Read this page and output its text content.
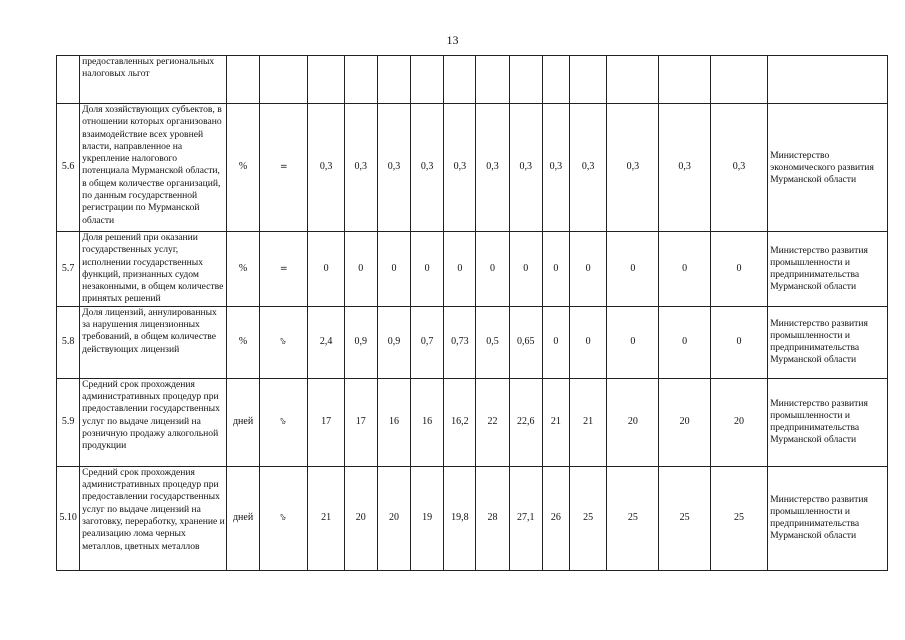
13
	предоставленных региональных налоговых льгот															
5.6	Доля хозяйствующих субъектов, в отношении которых организовано взаимодействие всех уровней власти, направленное на укрепление налогового потенциала Мурманской области, в общем количестве организаций, по данным государственной регистрации по Мурманской области	%	=	0,3	0,3	0,3	0,3	0,3	0,3	0,3	0,3	0,3	0,3	0,3	0,3	Министерство экономического развития Мурманской области
5.7	Доля решений при оказании государственных услуг, исполнении государственных функций, признанных судом незаконными, в общем количестве принятых решений	%	=	0	0	0	0	0	0	0	0	0	0	0	0	Министерство развития промышленности и предпринимательства Мурманской области
5.8	Доля лицензий, аннулированных за нарушения лицензионных требований, в общем количестве действующих лицензий	%	⇩	2,4	0,9	0,9	0,7	0,73	0,5	0,65	0	0	0	0	0	Министерство развития промышленности и предпринимательства Мурманской области
5.9	Средний срок прохождения административных процедур при предоставлении государственных услуг по выдаче лицензий на розничную продажу алкогольной продукции	дней	⇩	17	17	16	16	16,2	22	22,6	21	21	20	20	20	Министерство развития промышленности и предпринимательства Мурманской области
5.10	Средний срок прохождения административных процедур при предоставлении государственных услуг по выдаче лицензий на заготовку, переработку, хранение и реализацию лома черных металлов, цветных металлов	дней	⇩	21	20	20	19	19,8	28	27,1	26	25	25	25	25	Министерство развития промышленности и предпринимательства Мурманской области
